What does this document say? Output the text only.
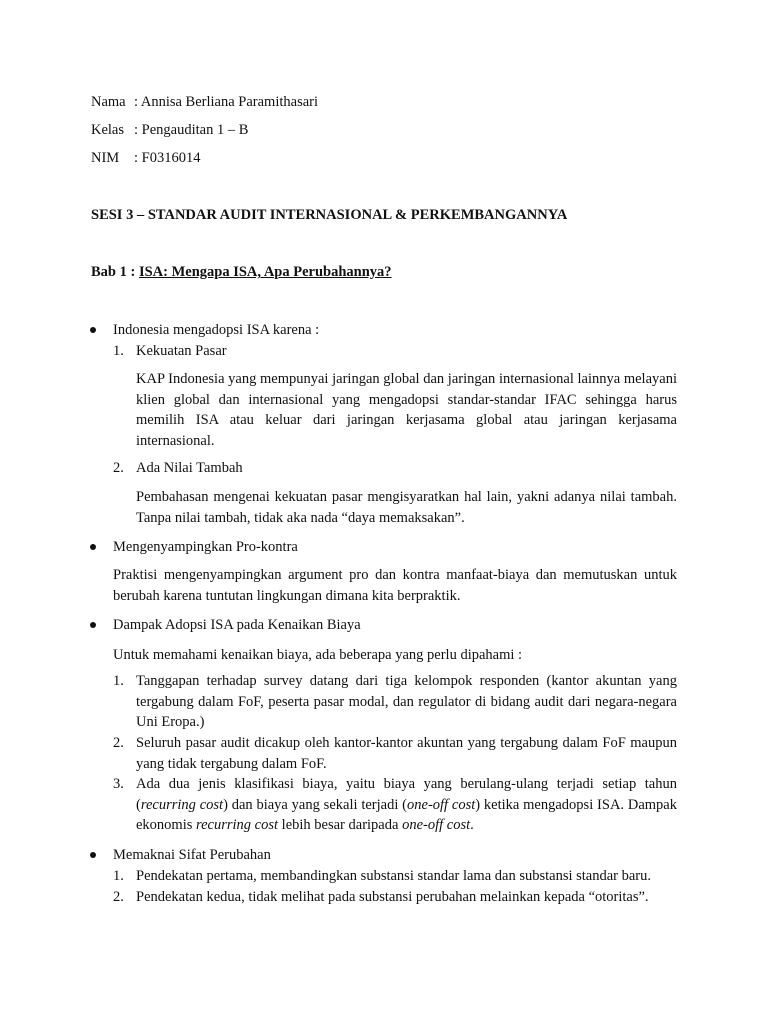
Nama : Annisa Berliana Paramithasari
Kelas : Pengauditan 1 – B
NIM : F0316014
SESI 3 – STANDAR AUDIT INTERNASIONAL & PERKEMBANGANNYA
Bab 1 : ISA: Mengapa ISA, Apa Perubahannya?
Indonesia mengadopsi ISA karena :
1. Kekuatan Pasar
KAP Indonesia yang mempunyai jaringan global dan jaringan internasional lainnya melayani klien global dan internasional yang mengadopsi standar-standar IFAC sehingga harus memilih ISA atau keluar dari jaringan kerjasama global atau jaringan kerjasama internasional.
2. Ada Nilai Tambah
Pembahasan mengenai kekuatan pasar mengisyaratkan hal lain, yakni adanya nilai tambah. Tanpa nilai tambah, tidak aka nada “daya memaksakan”.
Mengenyampingkan Pro-kontra
Praktisi mengenyampingkan argument pro dan kontra manfaat-biaya dan memutuskan untuk berubah karena tuntutan lingkungan dimana kita berpraktik.
Dampak Adopsi ISA pada Kenaikan Biaya
Untuk memahami kenaikan biaya, ada beberapa yang perlu dipahami :
1. Tanggapan terhadap survey datang dari tiga kelompok responden (kantor akuntan yang tergabung dalam FoF, peserta pasar modal, dan regulator di bidang audit dari negara-negara Uni Eropa.)
2. Seluruh pasar audit dicakup oleh kantor-kantor akuntan yang tergabung dalam FoF maupun yang tidak tergabung dalam FoF.
3. Ada dua jenis klasifikasi biaya, yaitu biaya yang berulang-ulang terjadi setiap tahun (recurring cost) dan biaya yang sekali terjadi (one-off cost) ketika mengadopsi ISA. Dampak ekonomis recurring cost lebih besar daripada one-off cost.
Memaknai Sifat Perubahan
1. Pendekatan pertama, membandingkan substansi standar lama dan substansi standar baru.
2. Pendekatan kedua, tidak melihat pada substansi perubahan melainkan kepada “otoritas”.
